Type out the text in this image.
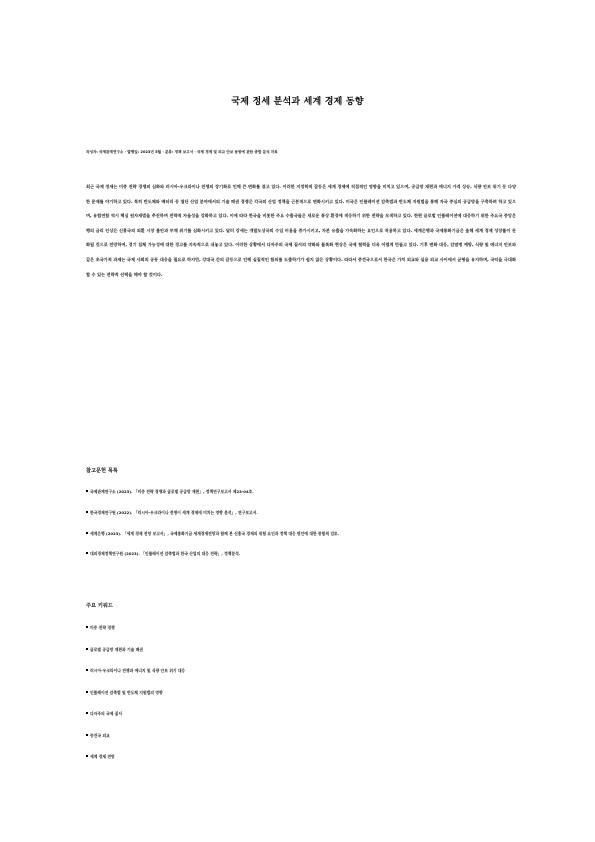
국제 정세 분석과 세계 경제 동향
작성자: 국제관계연구소 · 발행일: 2023년 5월 · 분류: 정책 보고서 · 국제 경제 및 외교 안보 동향에 관한 종합 분석 자료
최근 국제 정세는 미중 전략 경쟁의 심화와 러시아-우크라이나 전쟁의 장기화로 인해 큰 변화를 겪고 있다. 이러한 지정학적 갈등은 세계 경제에 직접적인 영향을 미치고 있으며, 공급망 재편과 에너지 가격 상승, 식량 안보 위기 등 다양한 문제를 야기하고 있다. 특히 반도체와 배터리 등 첨단 산업 분야에서의 기술 패권 경쟁은 각국의 산업 정책을 근본적으로 변화시키고 있다. 미국은 인플레이션 감축법과 반도체 지원법을 통해 자국 중심의 공급망을 구축하려 하고 있으며, 유럽연합 역시 핵심 원자재법을 추진하며 전략적 자율성을 강화하고 있다. 이에 따라 한국을 비롯한 주요 수출국들은 새로운 통상 환경에 적응하기 위한 전략을 모색하고 있다. 한편 글로벌 인플레이션에 대응하기 위한 주요국 중앙은행의 금리 인상은 신흥국의 외환 시장 불안과 부채 위기를 심화시키고 있다. 달러 강세는 개발도상국의 수입 비용을 증가시키고, 자본 유출을 가속화하는 요인으로 작용하고 있다. 세계은행과 국제통화기금은 올해 세계 경제 성장률이 둔화될 것으로 전망하며, 경기 침체 가능성에 대한 경고를 지속적으로 내놓고 있다. 이러한 상황에서 다자주의 국제 질서의 약화와 블록화 현상은 국제 협력을 더욱 어렵게 만들고 있다. 기후 변화 대응, 감염병 예방, 식량 및 에너지 안보와 같은 초국가적 과제는 국제 사회의 공동 대응을 필요로 하지만, 강대국 간의 갈등으로 인해 실질적인 합의를 도출하기가 쉽지 않은 상황이다. 따라서 중견국으로서 한국은 가치 외교와 실용 외교 사이에서 균형을 유지하며, 국익을 극대화할 수 있는 전략적 선택을 해야 할 것이다.
참고문헌 목록
국제관계연구소 (2023). 「미중 전략 경쟁과 글로벌 공급망 재편」, 정책연구보고서 제23-04호.
한국경제연구원 (2022). 「러시아-우크라이나 전쟁이 세계 경제에 미치는 영향 분석」, 연구보고서.
세계은행 (2023). 「세계 경제 전망 보고서」, 국제통화기금 세계경제전망과 함께 본 신흥국 경제의 위험 요인과 정책 대응 방안에 대한 종합적 검토.
대외경제정책연구원 (2023). 「인플레이션 감축법과 한국 산업의 대응 전략」, 정책분석.
주요 키워드
미중 전략 경쟁
글로벌 공급망 재편과 기술 패권
러시아-우크라이나 전쟁과 에너지 및 식량 안보 위기 대응
인플레이션 감축법 및 반도체 지원법의 영향
다자주의 국제 질서
중견국 외교
세계 경제 전망
